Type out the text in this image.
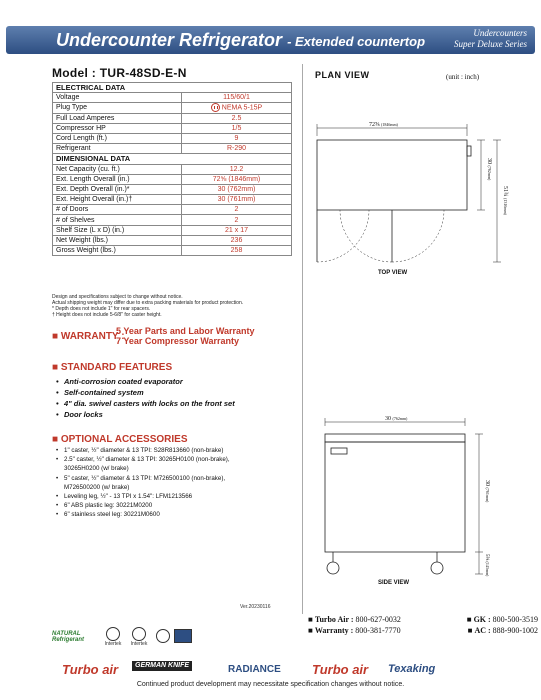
Undercounter Refrigerator - Extended countertop
Undercounters
Super Deluxe Series
Model : TUR-48SD-E-N
ELECTRICAL DATA	
Voltage	115/60/1
Plug Type	NEMA 5-15P
Full Load Amperes	2.5
Compressor HP	1/5
Cord Length (ft.)	9
Refrigerant	R-290
DIMENSIONAL DATA	
Net Capacity (cu. ft.)	12.2
Ext. Length Overall (in.)	72⅝ (1846mm)
Ext. Depth Overall (in.)*	30 (762mm)
Ext. Height Overall (in.)†	30 (761mm)
# of Doors	2
# of Shelves	2
Shelf Size (L x D) (in.)	21 x 17
Net Weight (lbs.)	236
Gross Weight (lbs.)	258
Design and specifications subject to change without notice.
Actual shipping weight may differ due to extra packing materials for product protection.
* Depth does not include 1" for rear spacers.
† Height does not include 5-6/8" for caster height.
■ WARRANTY :
5 Year Parts and Labor Warranty
7 Year Compressor Warranty
■ STANDARD FEATURES
• Anti-corrosion coated evaporator
• Self-contained system
• 4" dia. swivel casters with locks on the front set
• Door locks
■ OPTIONAL ACCESSORIES
• 1" caster, ½" diameter & 13 TPI: S28R813660 (non-brake)
• 2.5" caster, ½" diameter & 13 TPI: 30265H0100 (non-brake),
30265H0200 (w/ brake)
• 5" caster, ½" diameter & 13 TPI: M726500100 (non-brake),
M726500200 (w/ brake)
• Leveling leg, ½" - 13 TPI x 1.54": LFM1213566
• 6" ABS plastic leg: 30221M0200
• 6" stainless steel leg: 30221M0600
Ver.20230116
PLAN VIEW	(unit : inch)
72⅝ (1846mm)
30 (762mm)
51¾ (1316mm)
TOP VIEW
30 (762mm)
30 (761mm)
5⅝ (143mm)
SIDE VIEW
■ Turbo Air : 800-627-0032	■ GK : 800-500-3519
■ Warranty : 800-381-7770	■ AC : 888-900-1002
NATURAL
Refrigerant
Intertek	Intertek
Turbo air	GERMAN KNIFE	RADIANCE Turbo air Texaking
Continued product development may necessitate specification changes without notice.
